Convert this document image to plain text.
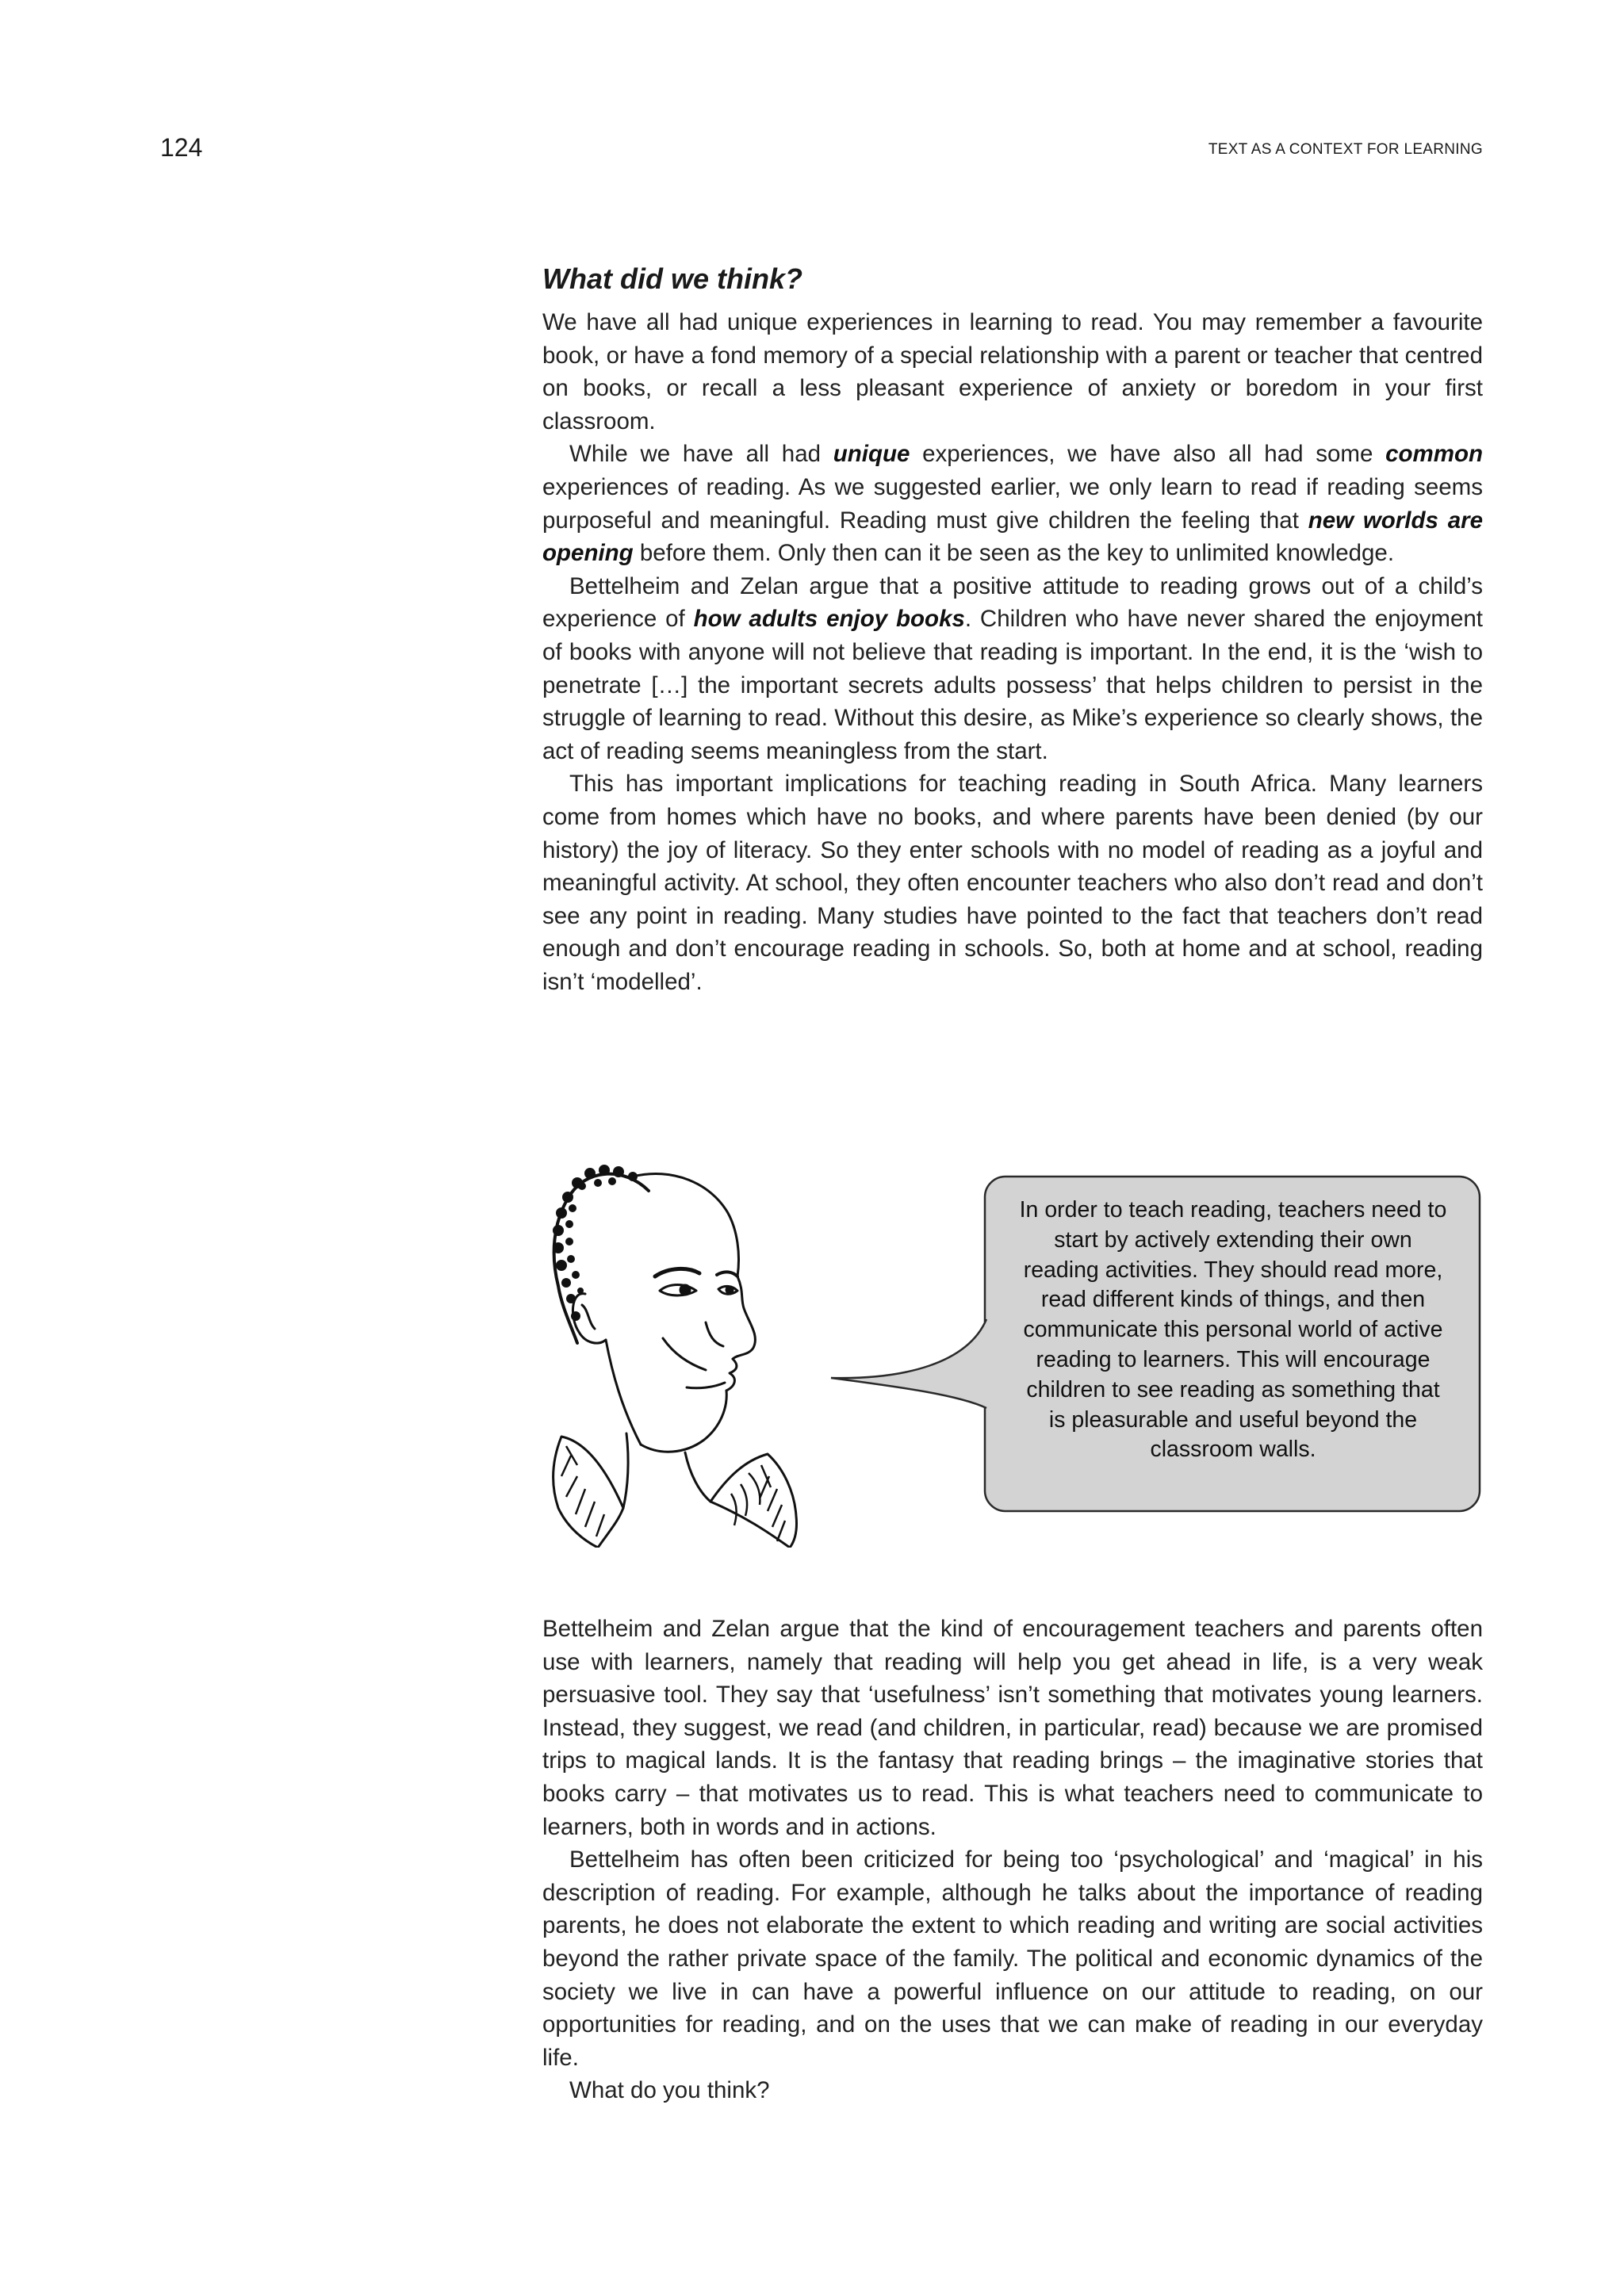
124	TEXT AS A CONTEXT FOR LEARNING
What did we think?

We have all had unique experiences in learning to read. You may remember a favourite book, or have a fond memory of a special relationship with a parent or teacher that centred on books, or recall a less pleasant experience of anxiety or boredom in your first classroom.

While we have all had unique experiences, we have also all had some common experiences of reading. As we suggested earlier, we only learn to read if reading seems purposeful and meaningful. Reading must give children the feeling that new worlds are opening before them. Only then can it be seen as the key to unlimited knowledge.

Bettelheim and Zelan argue that a positive attitude to reading grows out of a child’s experience of how adults enjoy books. Children who have never shared the enjoyment of books with anyone will not believe that reading is important. In the end, it is the ‘wish to penetrate […] the important secrets adults possess’ that helps children to persist in the struggle of learning to read. Without this desire, as Mike’s experience so clearly shows, the act of reading seems meaningless from the start.

This has important implications for teaching reading in South Africa. Many learners come from homes which have no books, and where parents have been denied (by our history) the joy of literacy. So they enter schools with no model of reading as a joyful and meaningful activity. At school, they often encounter teachers who also don’t read and don’t see any point in reading. Many studies have pointed to the fact that teachers don’t read enough and don’t encourage reading in schools. So, both at home and at school, reading isn’t ‘modelled’.

In order to teach reading, teachers need to start by actively extending their own reading activities. They should read more, read different kinds of things, and then communicate this personal world of active reading to learners. This will encourage children to see reading as something that is pleasurable and useful beyond the classroom walls.

Bettelheim and Zelan argue that the kind of encouragement teachers and parents often use with learners, namely that reading will help you get ahead in life, is a very weak persuasive tool. They say that ‘usefulness’ isn’t something that motivates young learners. Instead, they suggest, we read (and children, in particular, read) because we are promised trips to magical lands. It is the fantasy that reading brings – the imaginative stories that books carry – that motivates us to read. This is what teachers need to communicate to learners, both in words and in actions.

Bettelheim has often been criticized for being too ‘psychological’ and ‘magical’ in his description of reading. For example, although he talks about the importance of reading parents, he does not elaborate the extent to which reading and writing are social activities beyond the rather private space of the family. The political and economic dynamics of the society we live in can have a powerful influence on our attitude to reading, on our opportunities for reading, and on the uses that we can make of reading in our everyday life.

What do you think?
